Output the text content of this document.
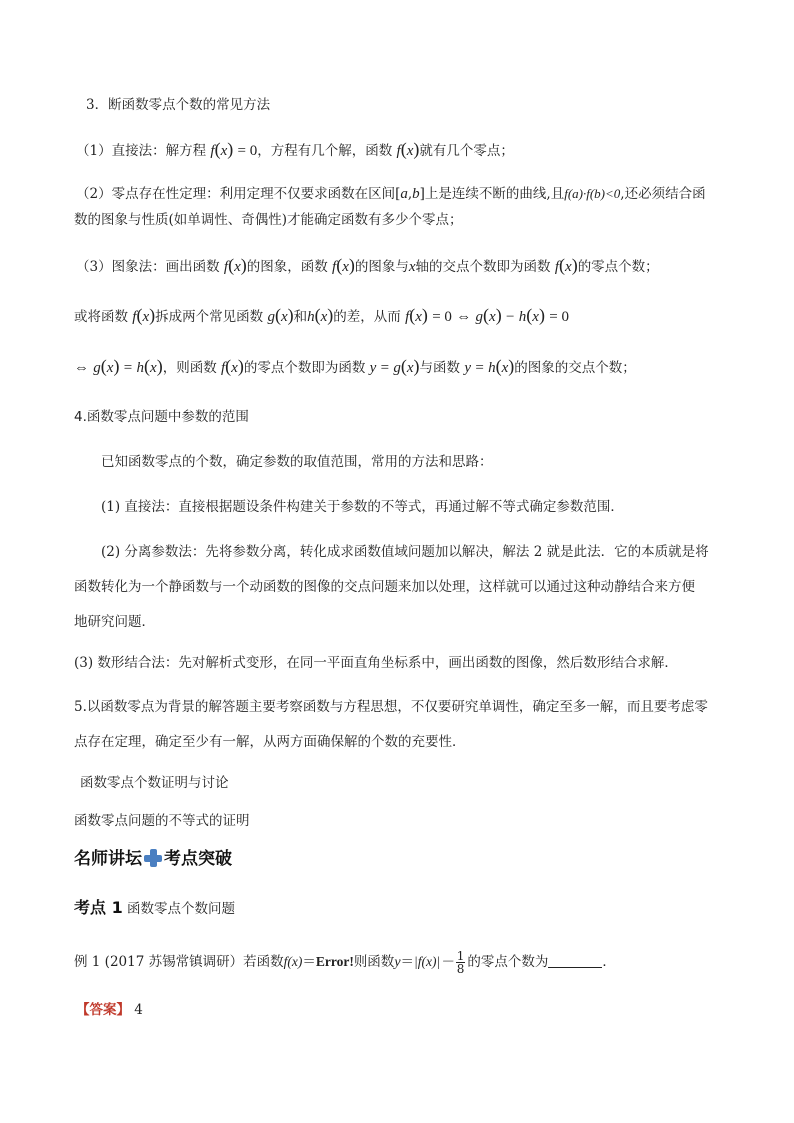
3．断函数零点个数的常见方法
（1）直接法：解方程 f(x) = 0，方程有几个解，函数 f(x)就有几个零点；
（2）零点存在性定理：利用定理不仅要求函数在区间[a,b]上是连续不断的曲线,且f(a)·f(b)<0,还必须结合函
数的图象与性质(如单调性、奇偶性)才能确定函数有多少个零点；
（3）图象法：画出函数 f(x)的图象，函数 f(x)的图象与x轴的交点个数即为函数 f(x)的零点个数；
或将函数 f(x)拆成两个常见函数 g(x)和h(x)的差，从而 f(x) = 0 ⇔ g(x) − h(x) = 0
⇔ g(x) = h(x)，则函数 f(x)的零点个数即为函数 y = g(x)与函数 y = h(x)的图象的交点个数；
4.函数零点问题中参数的范围
已知函数零点的个数，确定参数的取值范围，常用的方法和思路：
(1) 直接法：直接根据题设条件构建关于参数的不等式，再通过解不等式确定参数范围．
(2) 分离参数法：先将参数分离，转化成求函数值域问题加以解决，解法 2 就是此法．它的本质就是将
函数转化为一个静函数与一个动函数的图像的交点问题来加以处理，这样就可以通过这种动静结合来方便
地研究问题．
(3) 数形结合法：先对解析式变形，在同一平面直角坐标系中，画出函数的图像，然后数形结合求解．
5.以函数零点为背景的解答题主要考察函数与方程思想，不仅要研究单调性，确定至多一解，而且要考虑零
点存在定理，确定至少有一解，从两方面确保解的个数的充要性．
函数零点个数证明与讨论
函数零点问题的不等式的证明
名师讲坛 考点突破
考点 1 函数零点个数问题
例 1 (2017 苏锡常镇调研）若函数f(x)＝Error!则函数$y=|f(x)|- \frac{1}{8}$ 的零点个数为	．
【答案】 4
